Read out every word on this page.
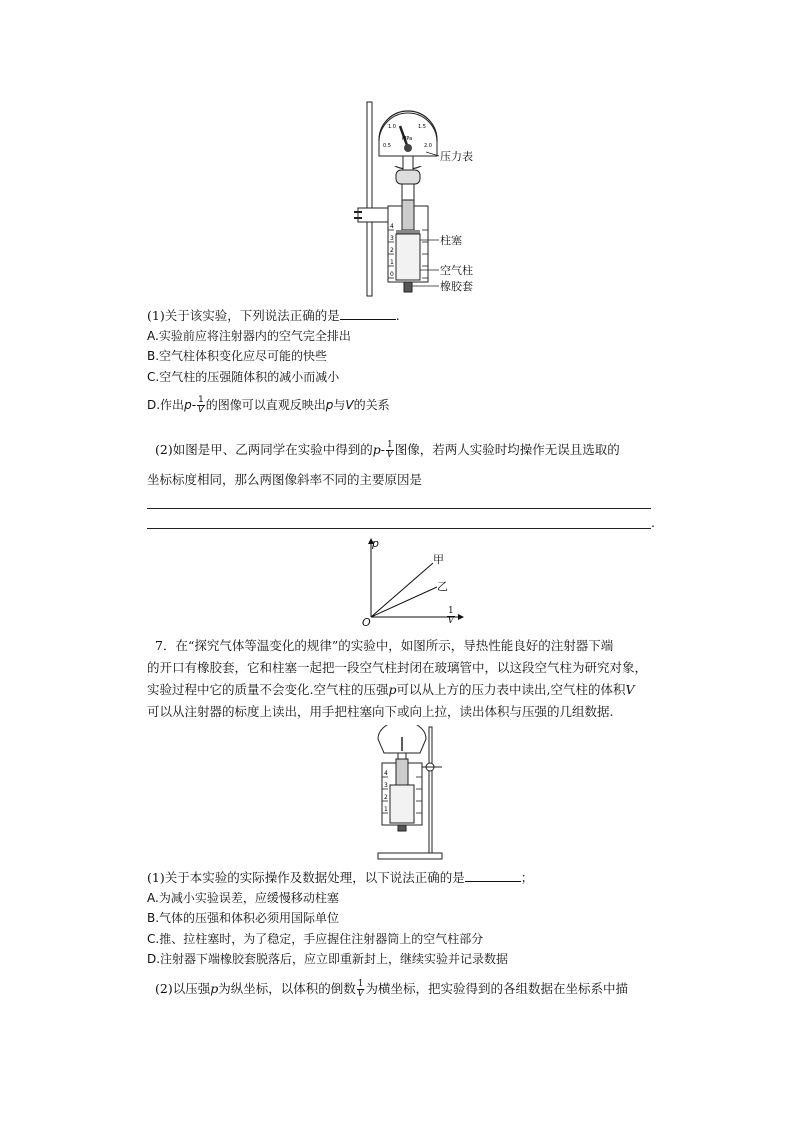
0.5
1.0	1.5
2.0
MPa
4
3
2
1
0
压力表
柱塞
空气柱
橡胶套
(1)关于该实验，下列说法正确的是	.
A.实验前应将注射器内的空气完全排出
B.空气柱体积变化应尽可能的快些
C.空气柱的压强随体积的减小而减小
D.作出$p- \frac{1}{V}$ 的图像可以直观反映出p与V的关系
(2)如图是甲、乙两同学在实验中得到的$p- \frac{1}{V}$ 图像，若两人实验时均操作无误且选取的
坐标标度相同，那么两图像斜率不同的主要原因是
.
p
O
甲
乙
$\frac{1}{V}$
7．在“探究气体等温变化的规律”的实验中，如图所示，导热性能良好的注射器下端
的开口有橡胶套，它和柱塞一起把一段空气柱封闭在玻璃管中，以这段空气柱为研究对象，
实验过程中它的质量不会变化.空气柱的压强p可以从上方的压力表中读出,空气柱的体积V
可以从注射器的标度上读出，用手把柱塞向下或向上拉，读出体积与压强的几组数据.
4
3
2
1
(1)关于本实验的实际操作及数据处理，以下说法正确的是	；
A.为减小实验误差，应缓慢移动柱塞
B.气体的压强和体积必须用国际单位
C.推、拉柱塞时，为了稳定，手应握住注射器筒上的空气柱部分
D.注射器下端橡胶套脱落后，应立即重新封上，继续实验并记录数据
(2)以压强p为纵坐标，以体积的倒数 $\frac{1}{V}$ 为横坐标，把实验得到的各组数据在坐标系中描
